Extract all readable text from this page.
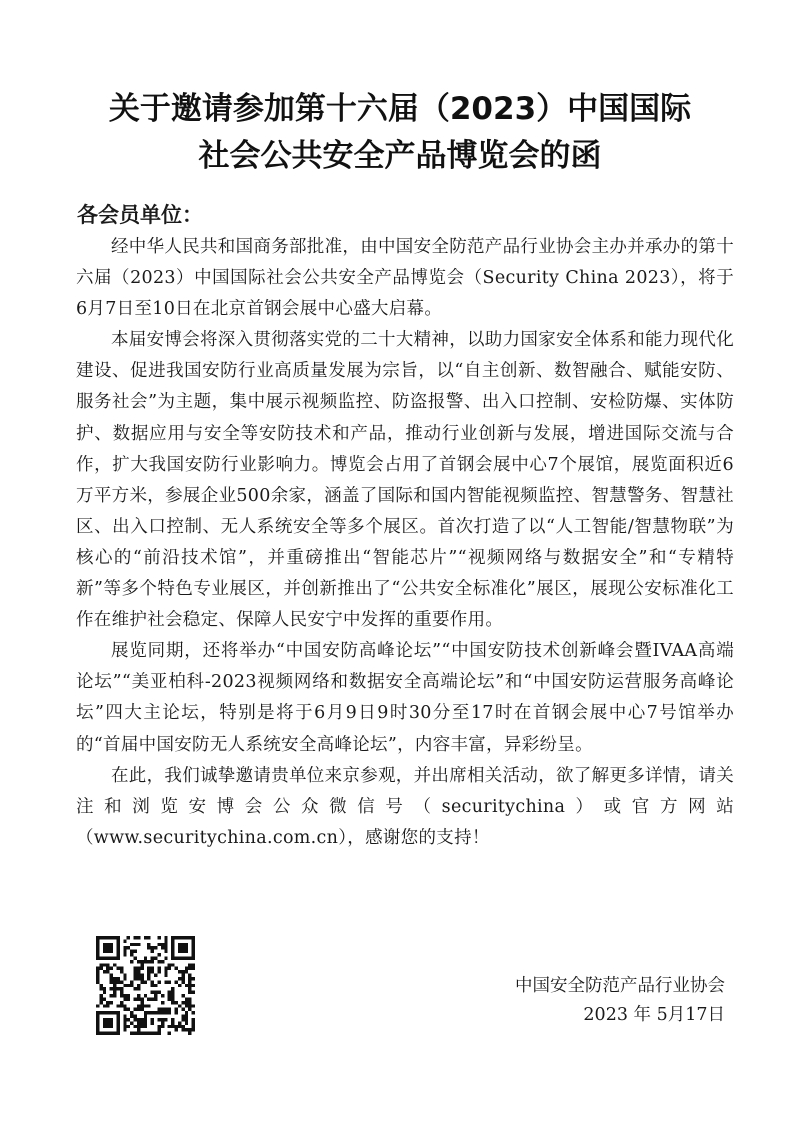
关于邀请参加第十六届（2023）中国国际
社会公共安全产品博览会的函
各会员单位：

经中华人民共和国商务部批准，由中国安全防范产品行业协会主办并承办的第十六届（2023）中国国际社会公共安全产品博览会（Security China 2023），将于6月7日至10日在北京首钢会展中心盛大启幕。

本届安博会将深入贯彻落实党的二十大精神，以助力国家安全体系和能力现代化建设、促进我国安防行业高质量发展为宗旨，以“自主创新、数智融合、赋能安防、服务社会”为主题，集中展示视频监控、防盗报警、出入口控制、安检防爆、实体防护、数据应用与安全等安防技术和产品，推动行业创新与发展，增进国际交流与合作，扩大我国安防行业影响力。博览会占用了首钢会展中心7个展馆，展览面积近6万平方米，参展企业500余家，涵盖了国际和国内智能视频监控、智慧警务、智慧社区、出入口控制、无人系统安全等多个展区。首次打造了以“人工智能/智慧物联”为核心的“前沿技术馆”，并重磅推出“智能芯片”“视频网络与数据安全”和“专精特新”等多个特色专业展区，并创新推出了“公共安全标准化”展区，展现公安标准化工作在维护社会稳定、保障人民安宁中发挥的重要作用。

展览同期，还将举办“中国安防高峰论坛”“中国安防技术创新峰会暨IVAA高端论坛”“美亚柏科-2023视频网络和数据安全高端论坛”和“中国安防运营服务高峰论坛”四大主论坛，特别是将于6月9日9时30分至17时在首钢会展中心7号馆举办的“首届中国安防无人系统安全高峰论坛”，内容丰富，异彩纷呈。

在此，我们诚挚邀请贵单位来京参观，并出席相关活动，欲了解更多详情，请关注和浏览安博会公众微信号（securitychina）或官方网站（www.securitychina.com.cn），感谢您的支持！

中国安全防范产品行业协会
2023 年 5月17日
